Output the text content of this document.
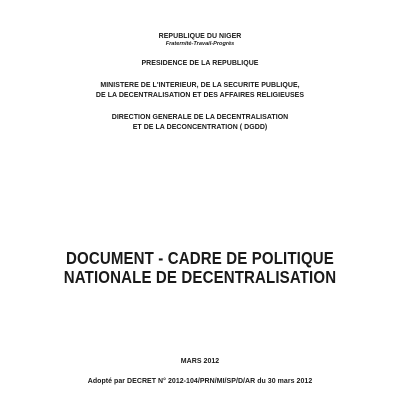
REPUBLIQUE DU NIGER
Fraternité-Travail-Progrès
PRESIDENCE DE LA REPUBLIQUE
MINISTERE DE L'INTERIEUR, DE LA SECURITE PUBLIQUE,
DE LA DECENTRALISATION ET DES AFFAIRES RELIGIEUSES
DIRECTION GENERALE DE LA DECENTRALISATION
ET DE LA DECONCENTRATION ( DGDD)
DOCUMENT - CADRE DE POLITIQUE
NATIONALE DE DECENTRALISATION
MARS 2012
Adopté par DECRET N° 2012-104/PRN/MI/SP/D/AR du 30 mars 2012
